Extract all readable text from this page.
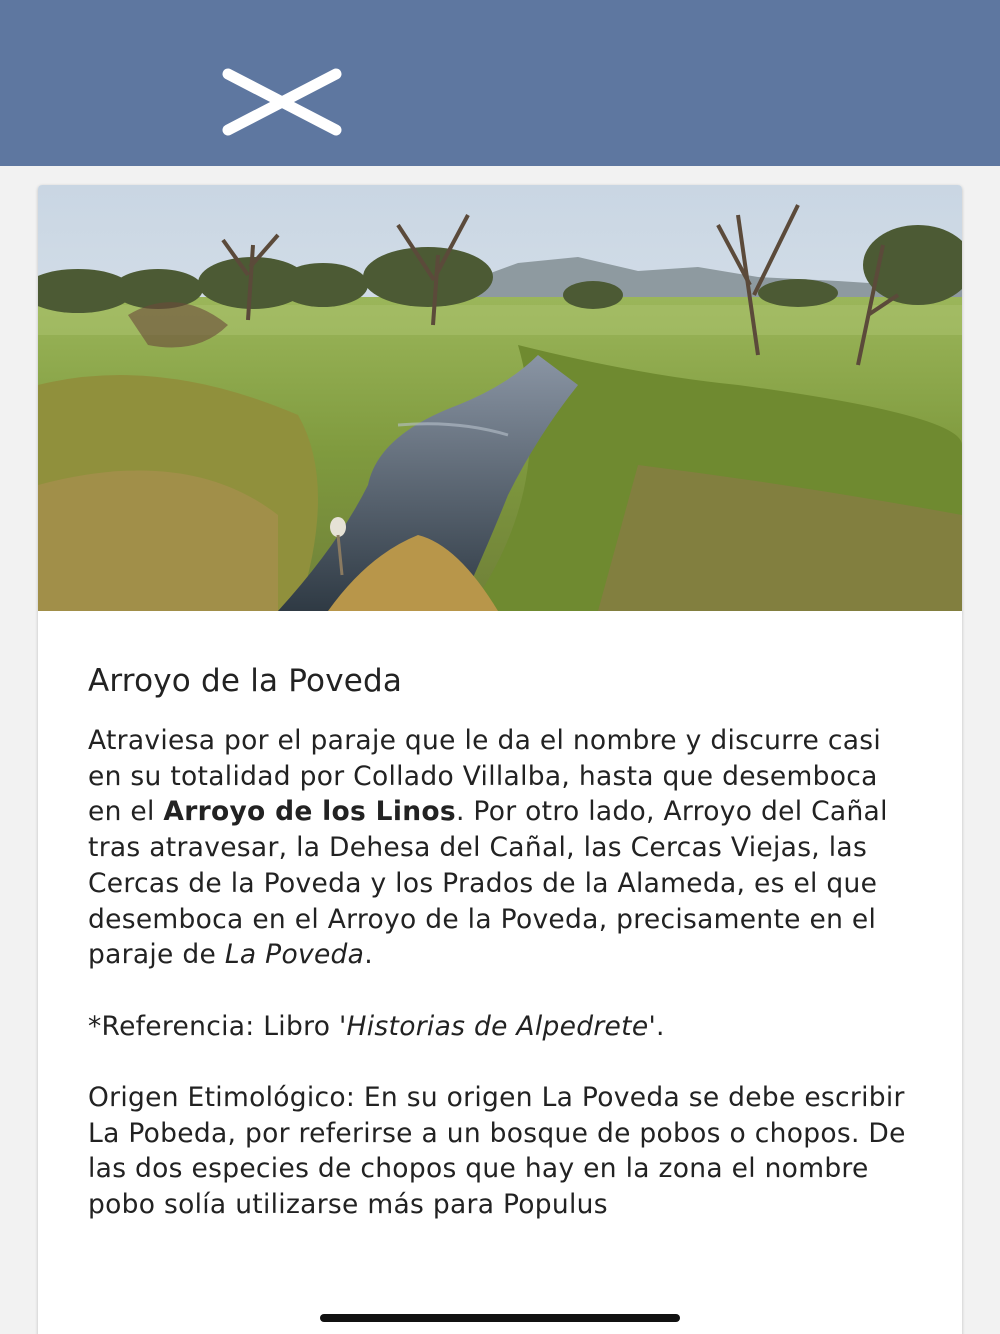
Arroyo de la Poveda

Atraviesa por el paraje que le da el nombre y discurre casi en su totalidad por Collado Villalba, hasta que desemboca en el Arroyo de los Linos. Por otro lado, Arroyo del Cañal tras atravesar, la Dehesa del Cañal, las Cercas Viejas, las Cercas de la Poveda y los Prados de la Alameda, es el que desemboca en el Arroyo de la Poveda, precisamente en el paraje de La Poveda.

*Referencia: Libro 'Historias de Alpedrete'.

Origen Etimológico: En su origen La Poveda se debe escribir La Pobeda, por referirse a un bosque de pobos o chopos. De las dos especies de chopos que hay en la zona el nombre pobo solía utilizarse más para Populus
